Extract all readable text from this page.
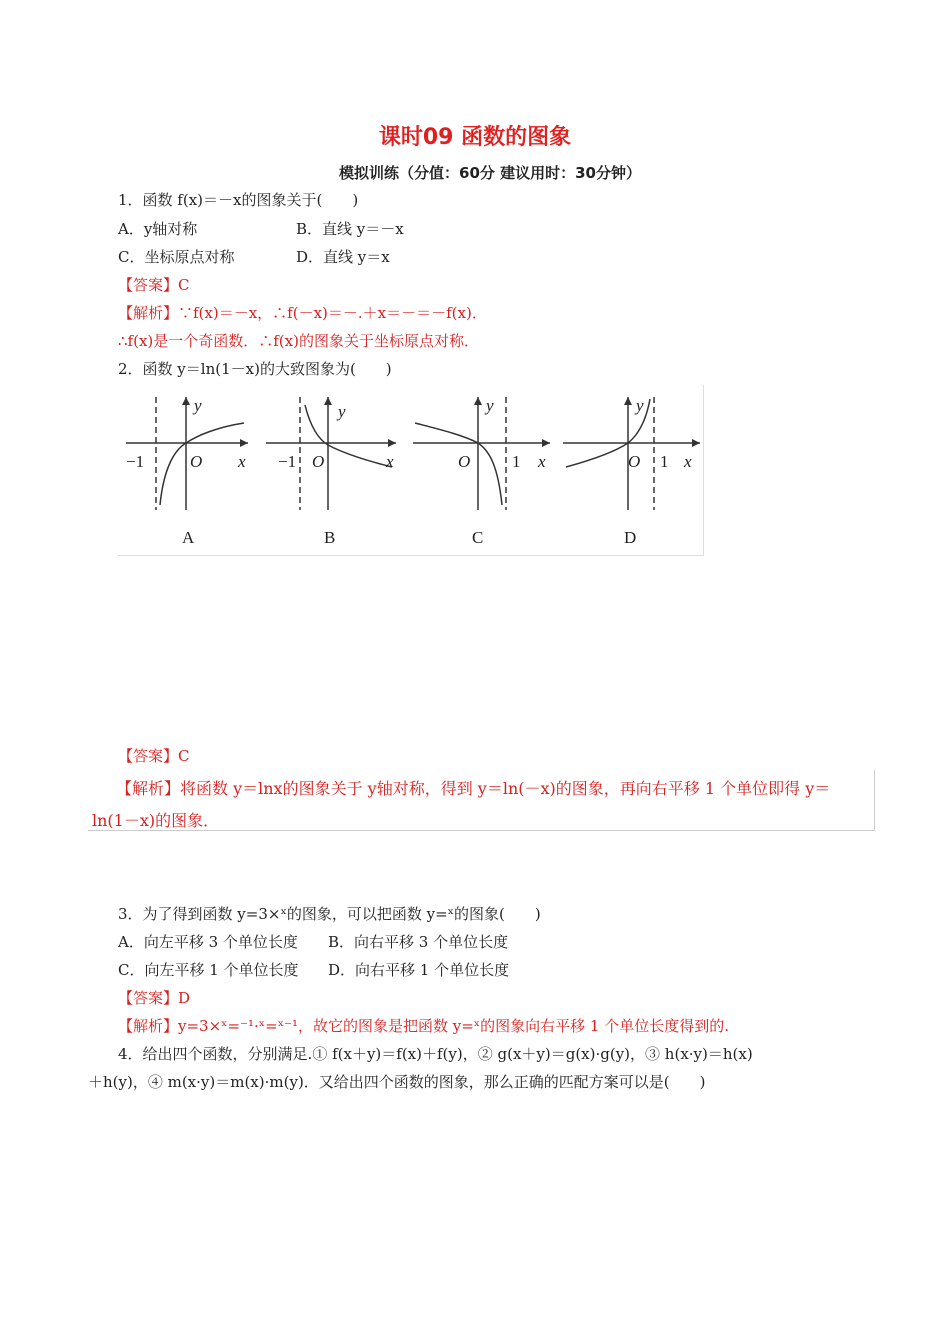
课时09 函数的图象
模拟训练（分值：60分 建议用时：30分钟）
1．函数 f(x)＝－x的图象关于(　　)
A．y轴对称	B．直线 y＝－x
C．坐标原点对称	D．直线 y＝x
【答案】C
【解析】∵f(x)＝－x，∴f(－x)＝－.＋x＝－＝－f(x)．
∴f(x)是一个奇函数．∴f(x)的图象关于坐标原点对称．
2．函数 y＝ln(1－x)的大致图象为(　　)
−1	O x
y
A
−1 O	x
y
B
O 1 x
y
C
O 1 x
y
D
【答案】C
【解析】将函数 y＝lnx的图象关于 y轴对称，得到 y＝ln(－x)的图象，再向右平移 1 个单位即得 y＝
ln(1－x)的图象．
3．为了得到函数 y=3×ˣ的图象，可以把函数 y=ˣ的图象(　　)
A．向左平移 3 个单位长度 B．向右平移 3 个单位长度
C．向左平移 1 个单位长度 D．向右平移 1 个单位长度
【答案】D
【解析】y=3×ˣ=⁻¹·ˣ=ˣ⁻¹，故它的图象是把函数 y=ˣ的图象向右平移 1 个单位长度得到的.
4．给出四个函数，分别满足.① f(x＋y)＝f(x)＋f(y)，② g(x＋y)＝g(x)·g(y)，③ h(x·y)＝h(x)
＋h(y)，④ m(x·y)＝m(x)·m(y)．又给出四个函数的图象，那么正确的匹配方案可以是(　　)
